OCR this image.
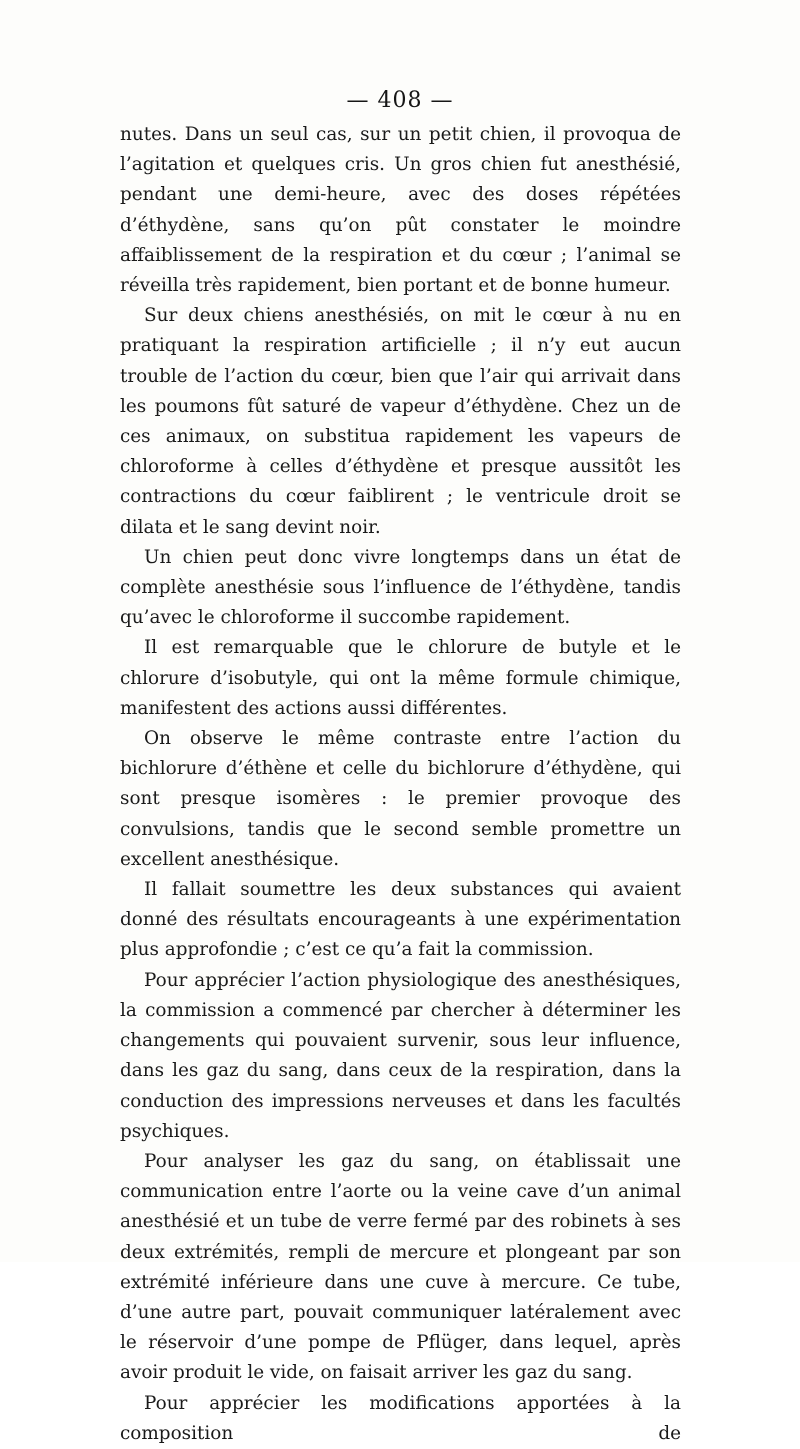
— 408 —

nutes. Dans un seul cas, sur un petit chien, il provoqua de l’agitation et quelques cris. Un gros chien fut anesthésié, pendant une demi-heure, avec des doses répétées d’éthydène, sans qu’on pût constater le moindre affaiblissement de la respiration et du cœur ; l’animal se réveilla très rapidement, bien portant et de bonne humeur.

Sur deux chiens anesthésiés, on mit le cœur à nu en pratiquant la respiration artificielle ; il n’y eut aucun trouble de l’action du cœur, bien que l’air qui arrivait dans les poumons fût saturé de vapeur d’éthydène. Chez un de ces animaux, on substitua rapidement les vapeurs de chloroforme à celles d’éthydène et presque aussitôt les contractions du cœur faiblirent ; le ventricule droit se dilata et le sang devint noir.

Un chien peut donc vivre longtemps dans un état de complète anesthésie sous l’influence de l’éthydène, tandis qu’avec le chloroforme il succombe rapidement.

Il est remarquable que le chlorure de butyle et le chlorure d’isobutyle, qui ont la même formule chimique, manifestent des actions aussi différentes.

On observe le même contraste entre l’action du bichlorure d’éthène et celle du bichlorure d’éthydène, qui sont presque isomères : le premier provoque des convulsions, tandis que le second semble promettre un excellent anesthésique.

Il fallait soumettre les deux substances qui avaient donné des résultats encourageants à une expérimentation plus approfondie ; c’est ce qu’a fait la commission.

Pour apprécier l’action physiologique des anesthésiques, la commission a commencé par chercher à déterminer les changements qui pouvaient survenir, sous leur influence, dans les gaz du sang, dans ceux de la respiration, dans la conduction des impressions nerveuses et dans les facultés psychiques.

Pour analyser les gaz du sang, on établissait une communication entre l’aorte ou la veine cave d’un animal anesthésié et un tube de verre fermé par des robinets à ses deux extrémités, rempli de mercure et plongeant par son extrémité inférieure dans une cuve à mercure. Ce tube, d’une autre part, pouvait communiquer latéralement avec le réservoir d’une pompe de Pflüger, dans lequel, après avoir produit le vide, on faisait arriver les gaz du sang.

Pour apprécier les modifications apportées à la composition de
